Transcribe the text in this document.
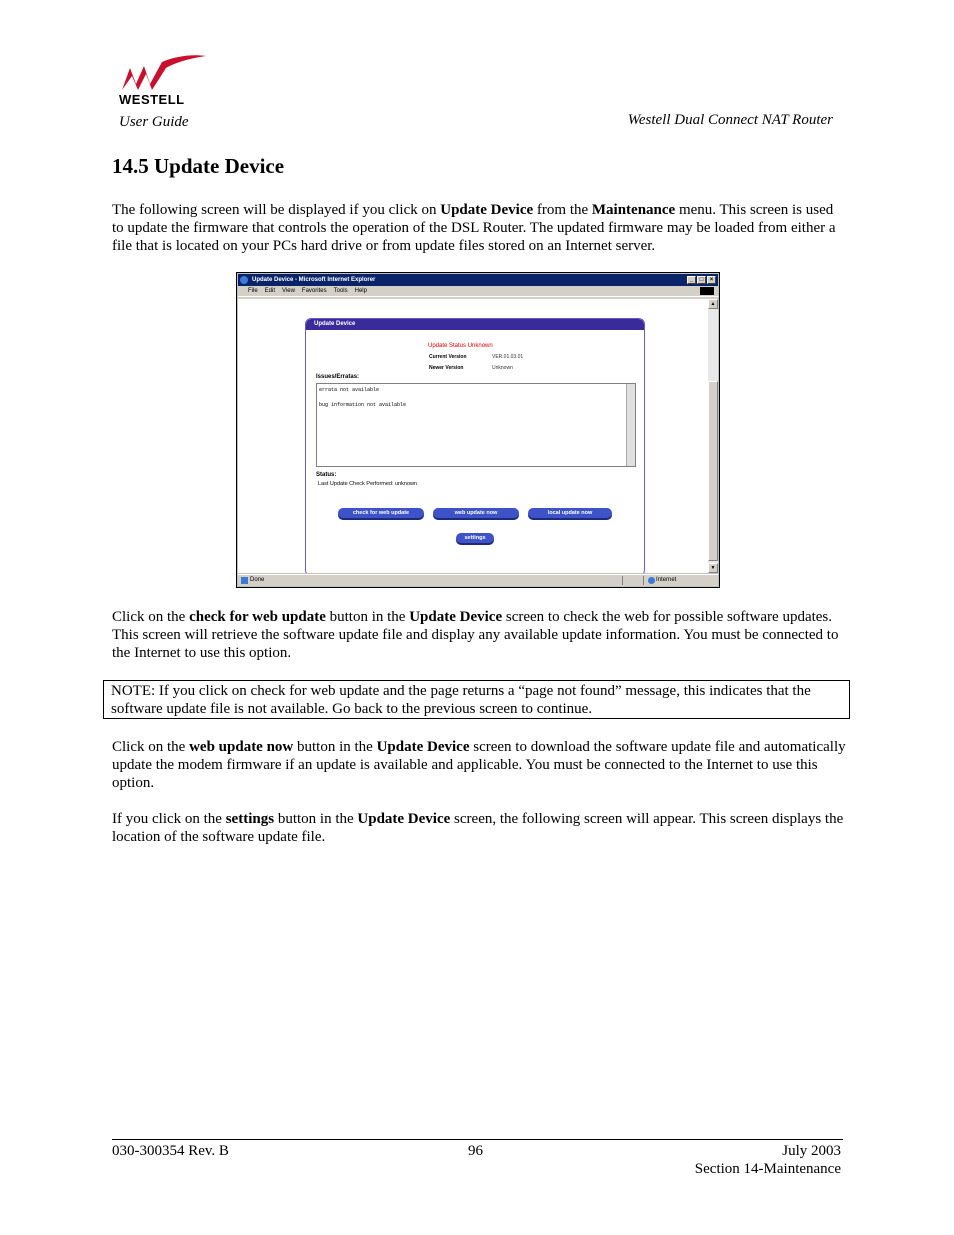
WESTELL
User Guide	Westell Dual Connect NAT Router
14.5 Update Device
The following screen will be displayed if you click on Update Device from the Maintenance menu. This screen is used to update the firmware that controls the operation of the DSL Router. The updated firmware may be loaded from either a file that is located on your PCs hard drive or from update files stored on an Internet server.
Update Device - Microsoft Internet Explorer	_	□	×
File Edit View Favorites Tools Help
Update Device
Update Status Unknown
Current Version	VER.01.03.01
Newer Version	Unknown
Issues/Erratas:
errata not available
bug information not available
Status:
Last Update Check Performed: unknown
check for web update	web update now	local update now
settings
▲
▼
Done	Internet
Click on the check for web update button in the Update Device screen to check the web for possible software updates. This screen will retrieve the software update file and display any available update information. You must be connected to the Internet to use this option.
NOTE: If you click on check for web update and the page returns a “page not found” message, this indicates that the software update file is not available. Go back to the previous screen to continue.
Click on the web update now button in the Update Device screen to download the software update file and automatically update the modem firmware if an update is available and applicable. You must be connected to the Internet to use this option.
If you click on the settings button in the Update Device screen, the following screen will appear. This screen displays the location of the software update file.
030-300354 Rev. B	96	July 2003
Section 14-Maintenance
